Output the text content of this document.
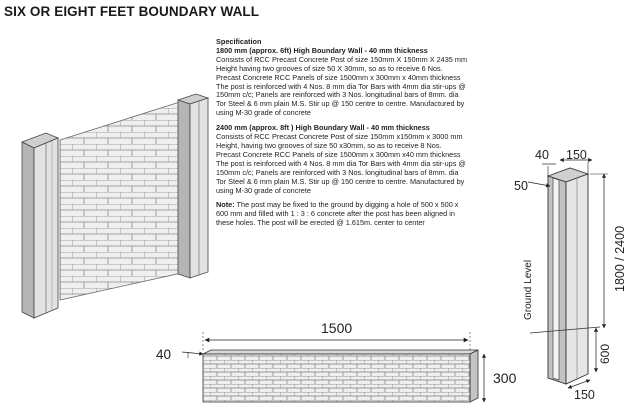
SIX OR EIGHT FEET BOUNDARY WALL
Specification

1800 mm (approx. 6ft) High Boundary Wall - 40 mm thickness
Consists of RCC Precast Concrete Post of size 150mm X 150mm X 2435 mm
Height having two grooves of size 50 X 30mm, so as to receive 6 Nos.
Precast Concrete RCC Panels of size 1500mm x 300mm x 40mm thickness
The post is reinforced with 4 Nos. 8 mm dia Tor Bars with 4mm dia stir-ups @
150mm c/c; Panels are reinforced with 3 Nos. longitudinal bars of 8mm. dia
Tor Steel & 6 mm plain M.S. Stir up @ 150 centre to centre. Manufactured by
using M-30 grade of concrete

2400 mm (approx. 8ft ) High Boundary Wall - 40 mm thickness
Consists of RCC Precast Concrete Post of size 150mm x150mm x 3000 mm
Height, having two grooves of size 50 x30mm, so as to receive 8 Nos.
Precast Concrete RCC Panels of size 1500mm x 300mm x40 mm thickness
The post is reinforced with 4 Nos. 8 mm dia Tor Bars with 4mm dia stir-ups @
150mm c/c; Panels are reinforced with 3 Nos. longitudinal bars of 8mm. dia
Tor Steel & 6 mm plain M.S. Stir up @ 150 centre to centre. Manufactured by
using M-30 grade of concrete

Note: The post may be fixed to the ground by digging a hole of 500 x 500 x
600 mm and filled with 1 : 3 : 6 concrete after the post has been aligned in
these holes. The post will be erected @ 1.615m. center to center

40 150
50
1800 / 2400
600
Ground Level
150
1500
40
300
